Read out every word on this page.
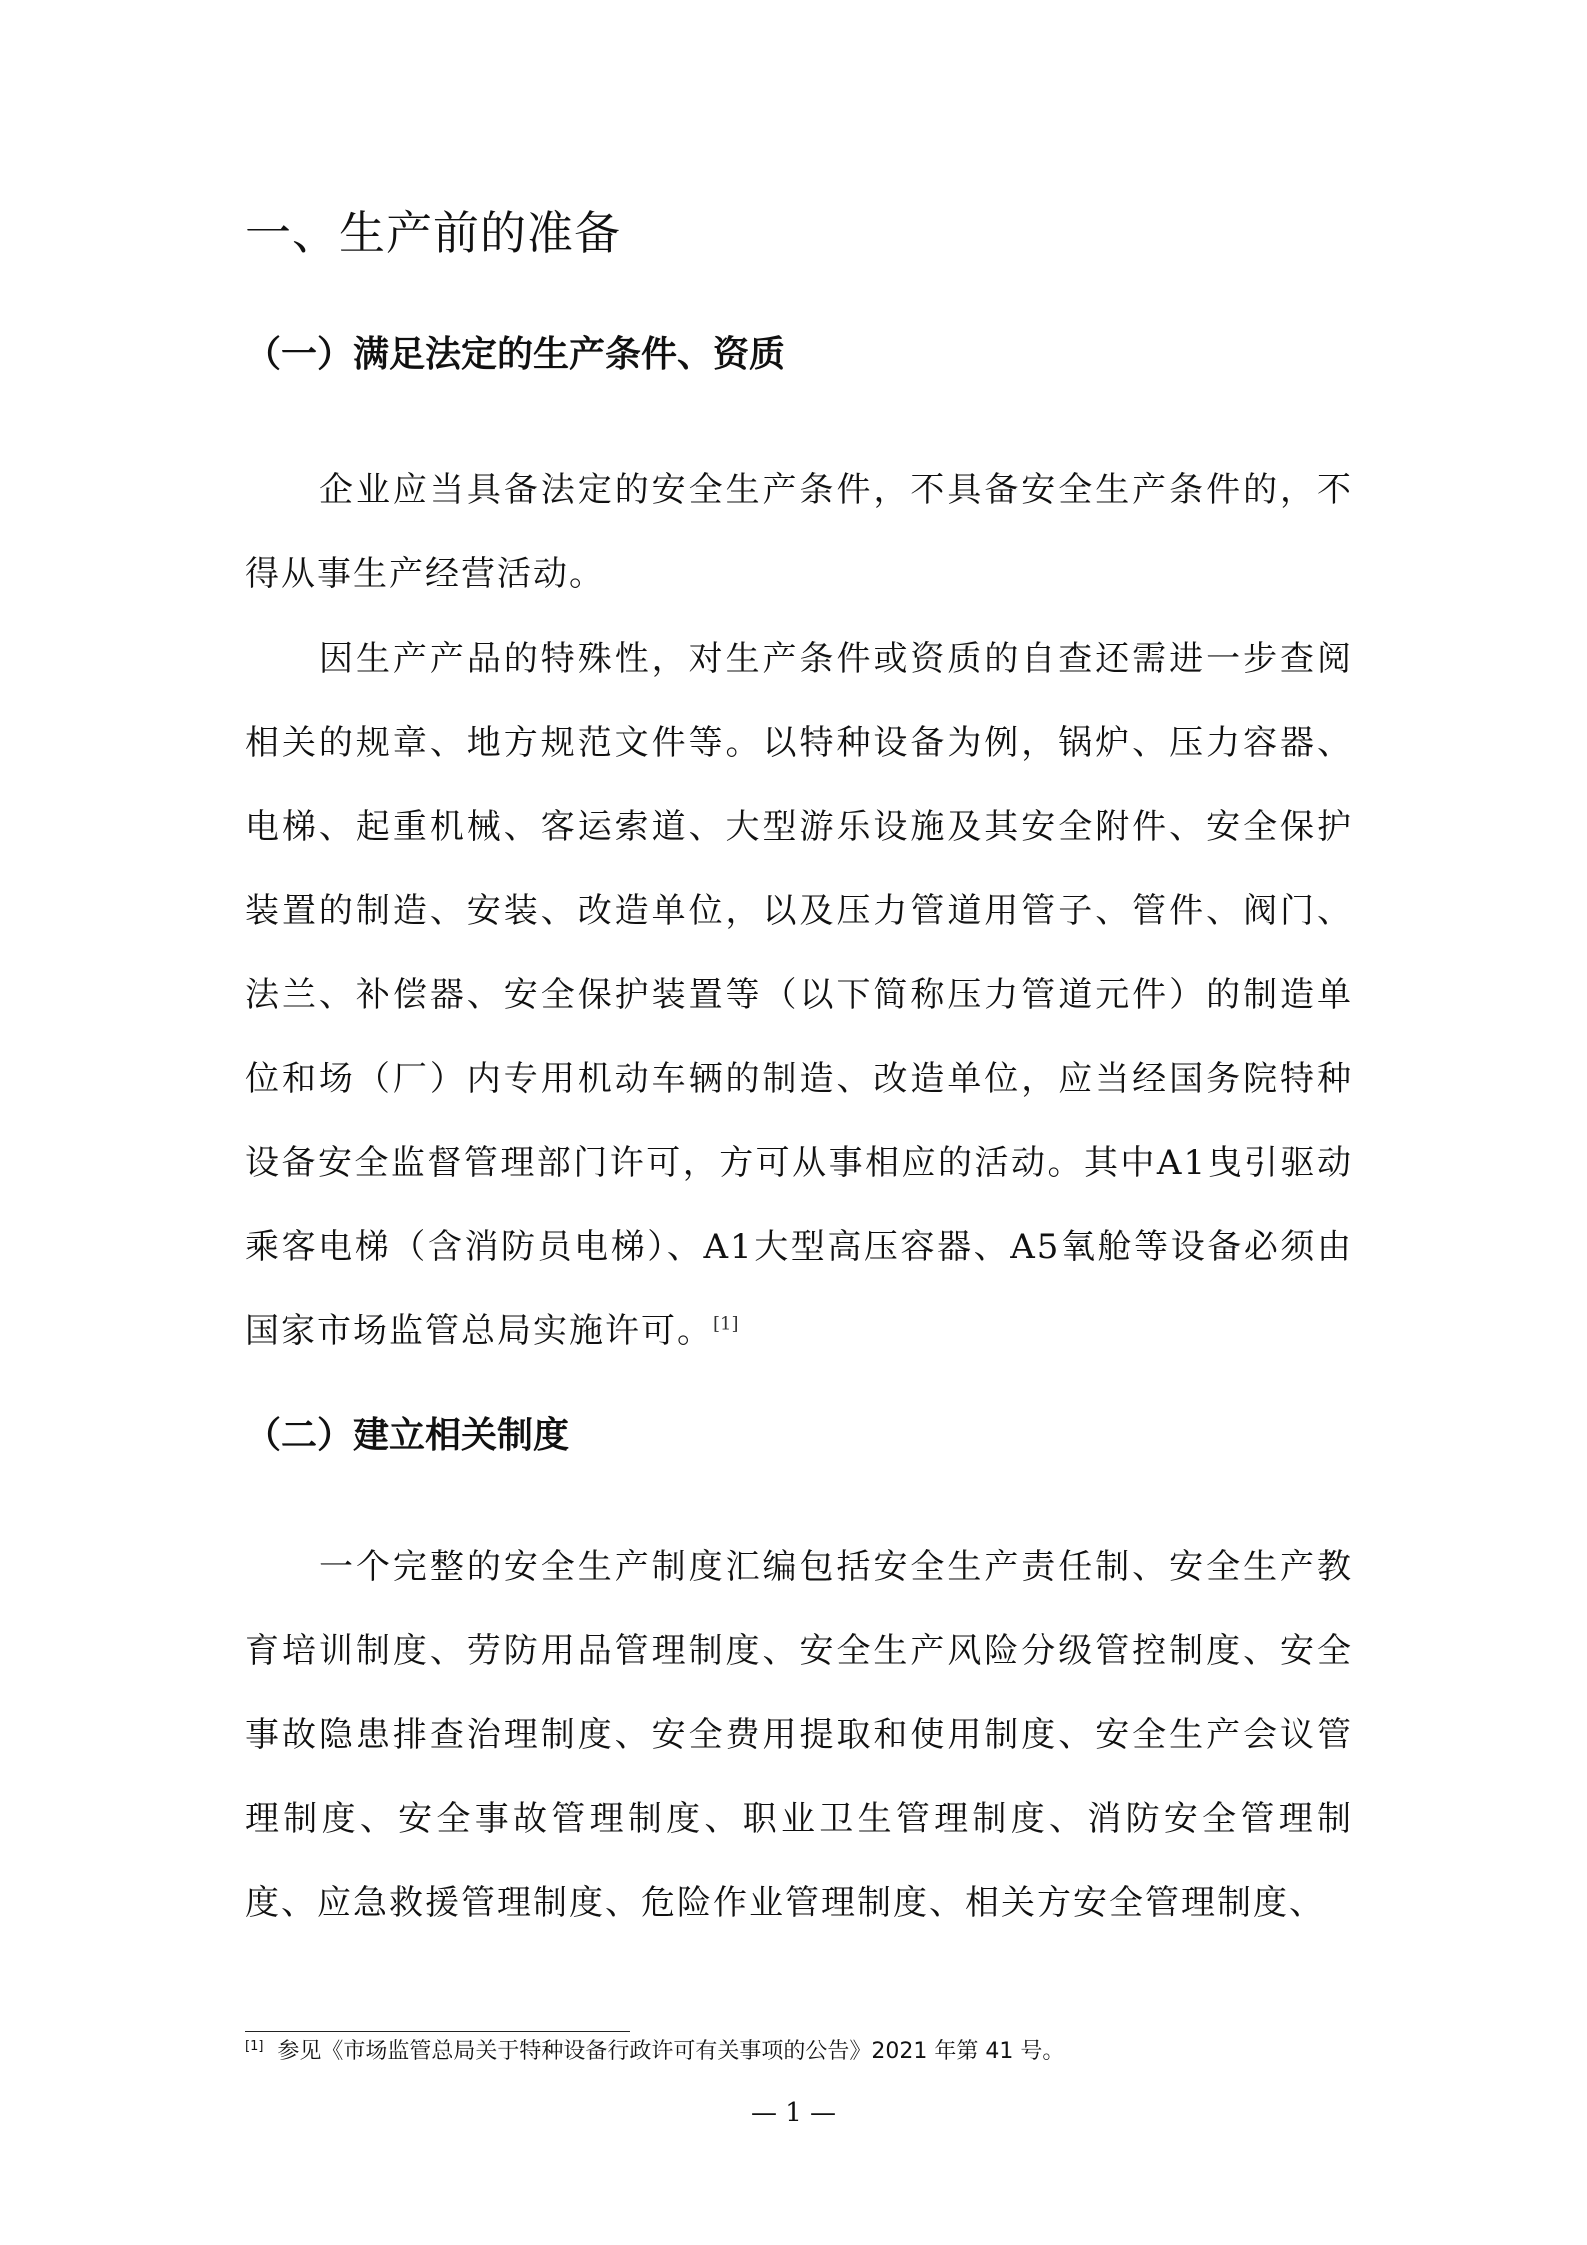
一、生产前的准备
（一）满足法定的生产条件、资质

企业应当具备法定的安全生产条件，不具备安全生产条件的，不得从事生产经营活动。

因生产产品的特殊性，对生产条件或资质的自查还需进一步查阅相关的规章、地方规范文件等。以特种设备为例，锅炉、压力容器、电梯、起重机械、客运索道、大型游乐设施及其安全附件、安全保护装置的制造、安装、改造单位，以及压力管道用管子、管件、阀门、法兰、补偿器、安全保护装置等（以下简称压力管道元件）的制造单位和场（厂）内专用机动车辆的制造、改造单位，应当经国务院特种设备安全监督管理部门许可，方可从事相应的活动。其中A1曳引驱动乘客电梯（含消防员电梯）、A1大型高压容器、A5氧舱等设备必须由国家市场监管总局实施许可。[1]

（二）建立相关制度

一个完整的安全生产制度汇编包括安全生产责任制、安全生产教育培训制度、劳防用品管理制度、安全生产风险分级管控制度、安全事故隐患排查治理制度、安全费用提取和使用制度、安全生产会议管理制度、安全事故管理制度、职业卫生管理制度、消防安全管理制度、应急救援管理制度、危险作业管理制度、相关方安全管理制度、

[1] 参见《市场监管总局关于特种设备行政许可有关事项的公告》2021 年第 41 号。
— 1 —
